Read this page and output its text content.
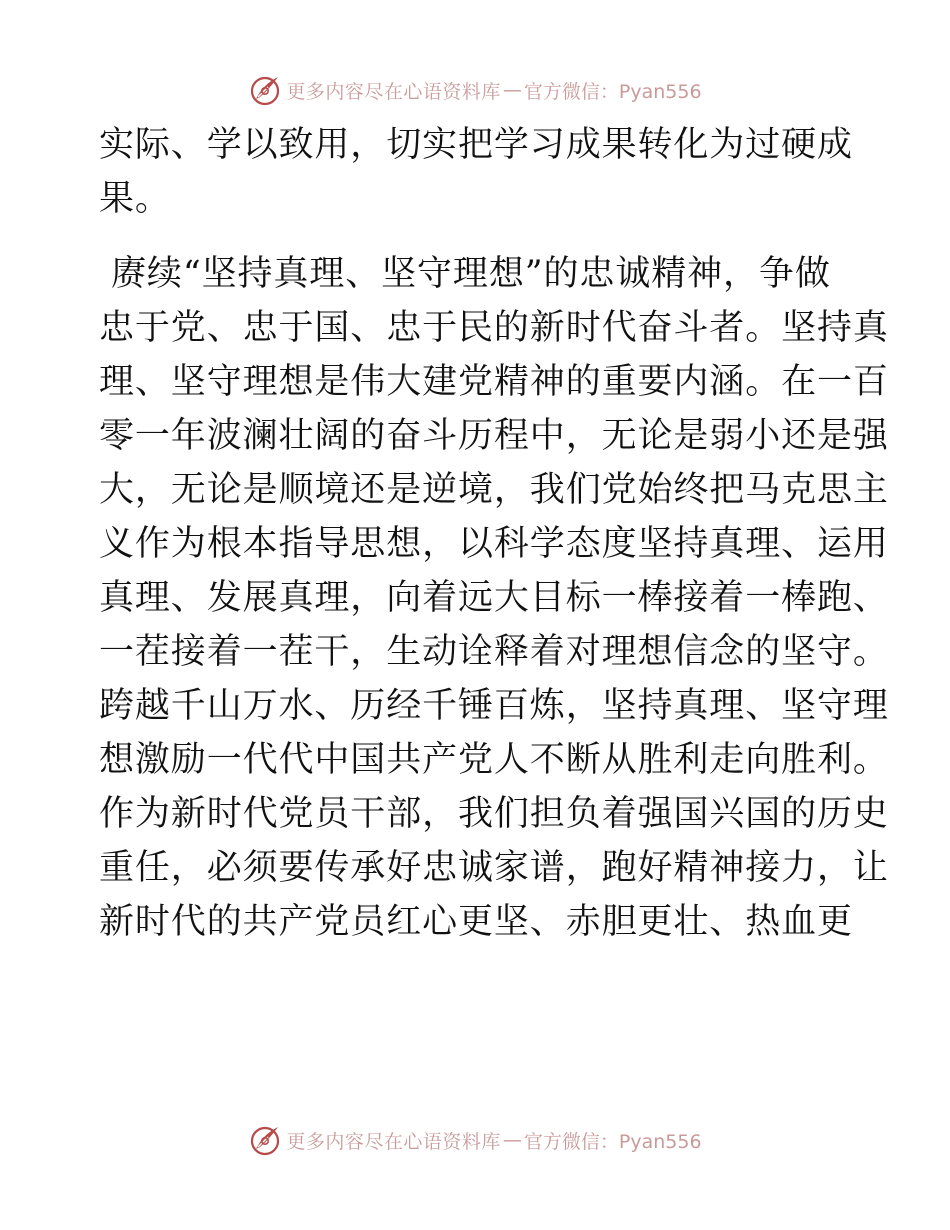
更多内容尽在心语资料库 — 官方微信：Pyan556
实际、学以致用，切实把学习成果转化为过硬成
果。
赓续“坚持真理、坚守理想”的忠诚精神，争做
忠于党、忠于国、忠于民的新时代奋斗者。坚持真
理、坚守理想是伟大建党精神的重要内涵。在一百
零一年波澜壮阔的奋斗历程中，无论是弱小还是强
大，无论是顺境还是逆境，我们党始终把马克思主
义作为根本指导思想，以科学态度坚持真理、运用
真理、发展真理，向着远大目标一棒接着一棒跑、
一茬接着一茬干，生动诠释着对理想信念的坚守。
跨越千山万水、历经千锤百炼，坚持真理、坚守理
想激励一代代中国共产党人不断从胜利走向胜利。
作为新时代党员干部，我们担负着强国兴国的历史
重任，必须要传承好忠诚家谱，跑好精神接力，让
新时代的共产党员红心更坚、赤胆更壮、热血更
更多内容尽在心语资料库 — 官方微信：Pyan556
